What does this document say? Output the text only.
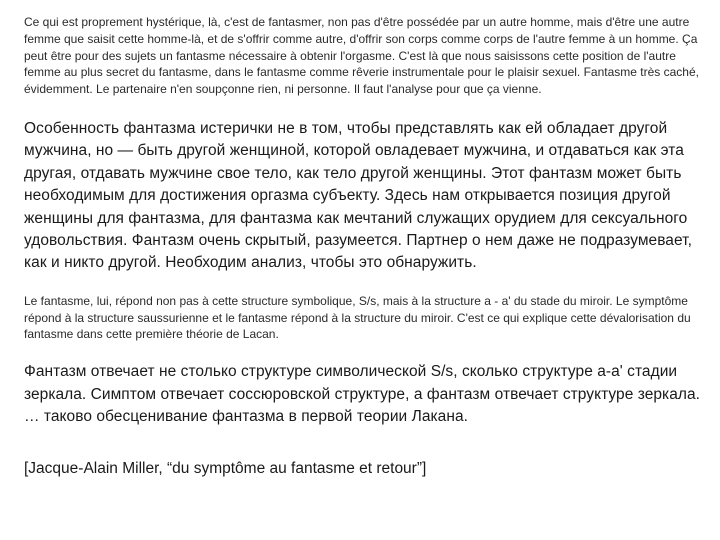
Ce qui est proprement hystérique, là, c'est de fantasmer, non pas d'être possédée par un autre homme, mais d'être une autre femme que saisit cette homme-là, et de s'offrir comme autre, d'offrir son corps comme corps de l'autre femme à un homme. Ça peut être pour des sujets un fantasme nécessaire à obtenir l'orgasme. C'est là que nous saisissons cette position de l'autre femme au plus secret du fantasme, dans le fantasme comme rêverie instrumentale pour le plaisir sexuel. Fantasme très caché, évidemment. Le partenaire n'en soupçonne rien, ni personne. Il faut l'analyse pour que ça vienne.

Особенность фантазма истерички не в том, чтобы представлять как ей обладает другой мужчина, но — быть другой женщиной, которой овладевает мужчина, и отдаваться как эта другая, отдавать мужчине свое тело, как тело другой женщины. Этот фантазм может быть необходимым для достижения оргазма субъекту. Здесь нам открывается позиция другой женщины для фантазма, для фантазма как мечтаний служащих орудием для сексуального удовольствия. Фантазм очень скрытый, разумеется. Партнер о нем даже не подразумевает, как и никто другой. Необходим анализ, чтобы это обнаружить.

Le fantasme, lui, répond non pas à cette structure symbolique, S/s, mais à la structure a - a' du stade du miroir. Le symptôme répond à la structure saussurienne et le fantasme répond à la structure du miroir. C'est ce qui explique cette dévalorisation du fantasme dans cette première théorie de Lacan.

Фантазм отвечает не столько структуре символической S/s, сколько структуре а-а' стадии зеркала. Симптом отвечает соссюровской структуре, а фантазм отвечает структуре зеркала. … таково обесценивание фантазма в первой теории Лакана.

[Jacque-Alain Miller, “du symptôme au fantasme et retour”]
